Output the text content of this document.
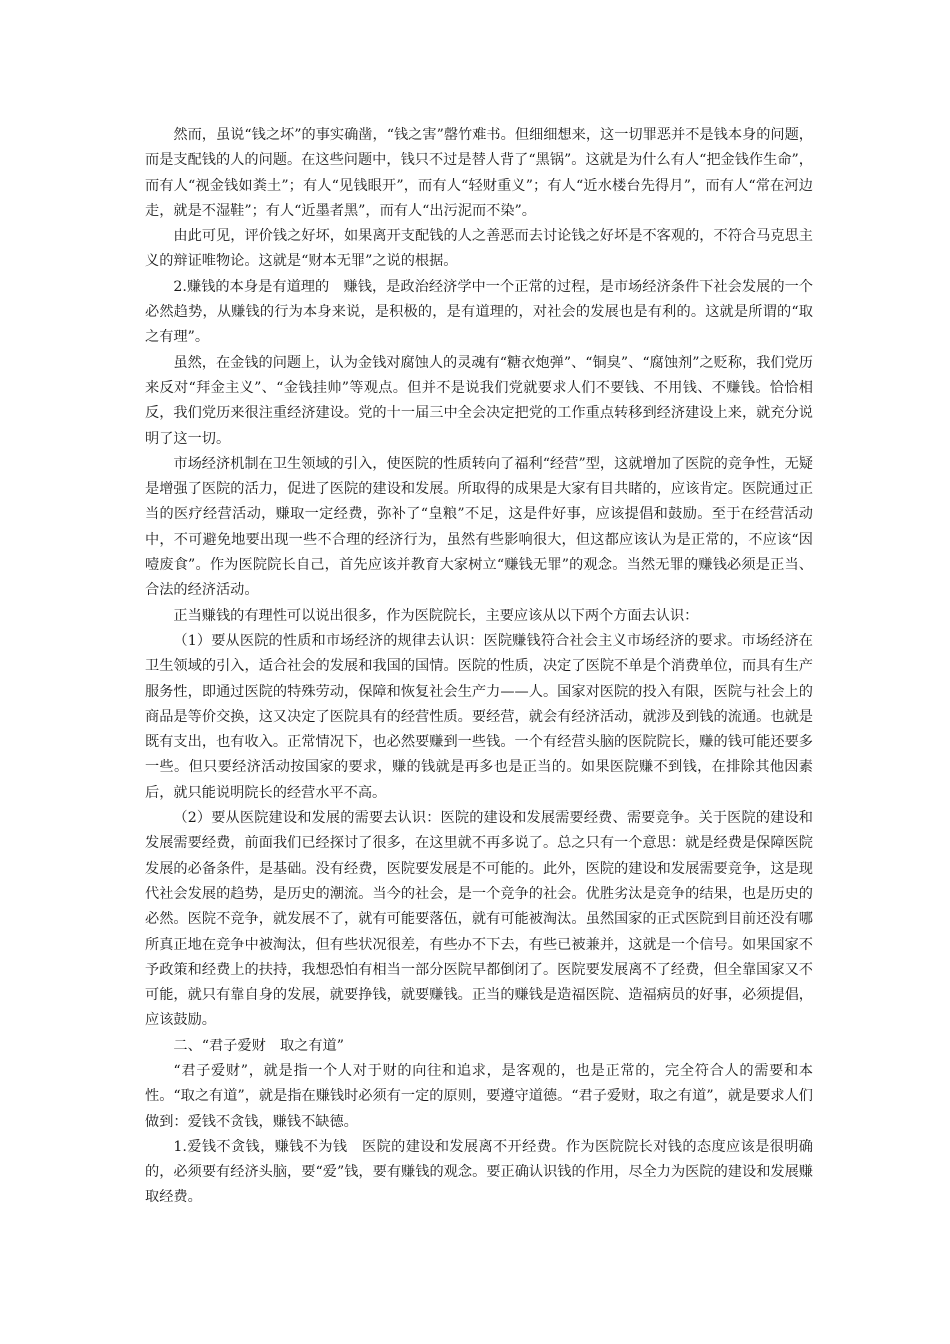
然而，虽说“钱之坏”的事实确凿，“钱之害”罄竹难书。但细细想来，这一切罪恶并不是钱本身的问题，而是支配钱的人的问题。在这些问题中，钱只不过是替人背了“黑锅”。这就是为什么有人“把金钱作生命”，而有人“视金钱如粪土”；有人“见钱眼开”，而有人“轻财重义”；有人“近水楼台先得月”，而有人“常在河边走，就是不湿鞋”；有人“近墨者黑”，而有人“出污泥而不染”。

由此可见，评价钱之好坏，如果离开支配钱的人之善恶而去讨论钱之好坏是不客观的，不符合马克思主义的辩证唯物论。这就是“财本无罪”之说的根据。

2.赚钱的本身是有道理的　赚钱，是政治经济学中一个正常的过程，是市场经济条件下社会发展的一个必然趋势，从赚钱的行为本身来说，是积极的，是有道理的，对社会的发展也是有利的。这就是所谓的“取之有理”。

虽然，在金钱的问题上，认为金钱对腐蚀人的灵魂有“糖衣炮弹”、“铜臭”、“腐蚀剂”之贬称，我们党历来反对“拜金主义”、“金钱挂帅”等观点。但并不是说我们党就要求人们不要钱、不用钱、不赚钱。恰恰相反，我们党历来很注重经济建设。党的十一届三中全会决定把党的工作重点转移到经济建设上来，就充分说明了这一切。

市场经济机制在卫生领域的引入，使医院的性质转向了福利“经营”型，这就增加了医院的竞争性，无疑是增强了医院的活力，促进了医院的建设和发展。所取得的成果是大家有目共睹的，应该肯定。医院通过正当的医疗经营活动，赚取一定经费，弥补了“皇粮”不足，这是件好事，应该提倡和鼓励。至于在经营活动中，不可避免地要出现一些不合理的经济行为，虽然有些影响很大，但这都应该认为是正常的，不应该“因噎废食”。作为医院院长自己，首先应该并教育大家树立“赚钱无罪”的观念。当然无罪的赚钱必须是正当、合法的经济活动。

正当赚钱的有理性可以说出很多，作为医院院长，主要应该从以下两个方面去认识：

（1）要从医院的性质和市场经济的规律去认识：医院赚钱符合社会主义市场经济的要求。市场经济在卫生领域的引入，适合社会的发展和我国的国情。医院的性质，决定了医院不单是个消费单位，而具有生产服务性，即通过医院的特殊劳动，保障和恢复社会生产力——人。国家对医院的投入有限，医院与社会上的商品是等价交换，这又决定了医院具有的经营性质。要经营，就会有经济活动，就涉及到钱的流通。也就是既有支出，也有收入。正常情况下，也必然要赚到一些钱。一个有经营头脑的医院院长，赚的钱可能还要多一些。但只要经济活动按国家的要求，赚的钱就是再多也是正当的。如果医院赚不到钱，在排除其他因素后，就只能说明院长的经营水平不高。

（2）要从医院建设和发展的需要去认识：医院的建设和发展需要经费、需要竞争。关于医院的建设和发展需要经费，前面我们已经探讨了很多，在这里就不再多说了。总之只有一个意思：就是经费是保障医院发展的必备条件，是基础。没有经费，医院要发展是不可能的。此外，医院的建设和发展需要竞争，这是现代社会发展的趋势，是历史的潮流。当今的社会，是一个竞争的社会。优胜劣汰是竞争的结果，也是历史的必然。医院不竞争，就发展不了，就有可能要落伍，就有可能被淘汰。虽然国家的正式医院到目前还没有哪所真正地在竞争中被淘汰，但有些状况很差，有些办不下去，有些已被兼并，这就是一个信号。如果国家不予政策和经费上的扶持，我想恐怕有相当一部分医院早都倒闭了。医院要发展离不了经费，但全靠国家又不可能，就只有靠自身的发展，就要挣钱，就要赚钱。正当的赚钱是造福医院、造福病员的好事，必须提倡，应该鼓励。

二、“君子爱财　取之有道”

“君子爱财”，就是指一个人对于财的向往和追求，是客观的，也是正常的，完全符合人的需要和本性。“取之有道”，就是指在赚钱时必须有一定的原则，要遵守道德。“君子爱财，取之有道”，就是要求人们做到：爱钱不贪钱，赚钱不缺德。

1.爱钱不贪钱，赚钱不为钱　医院的建设和发展离不开经费。作为医院院长对钱的态度应该是很明确的，必须要有经济头脑，要“爱”钱，要有赚钱的观念。要正确认识钱的作用，尽全力为医院的建设和发展赚取经费。
